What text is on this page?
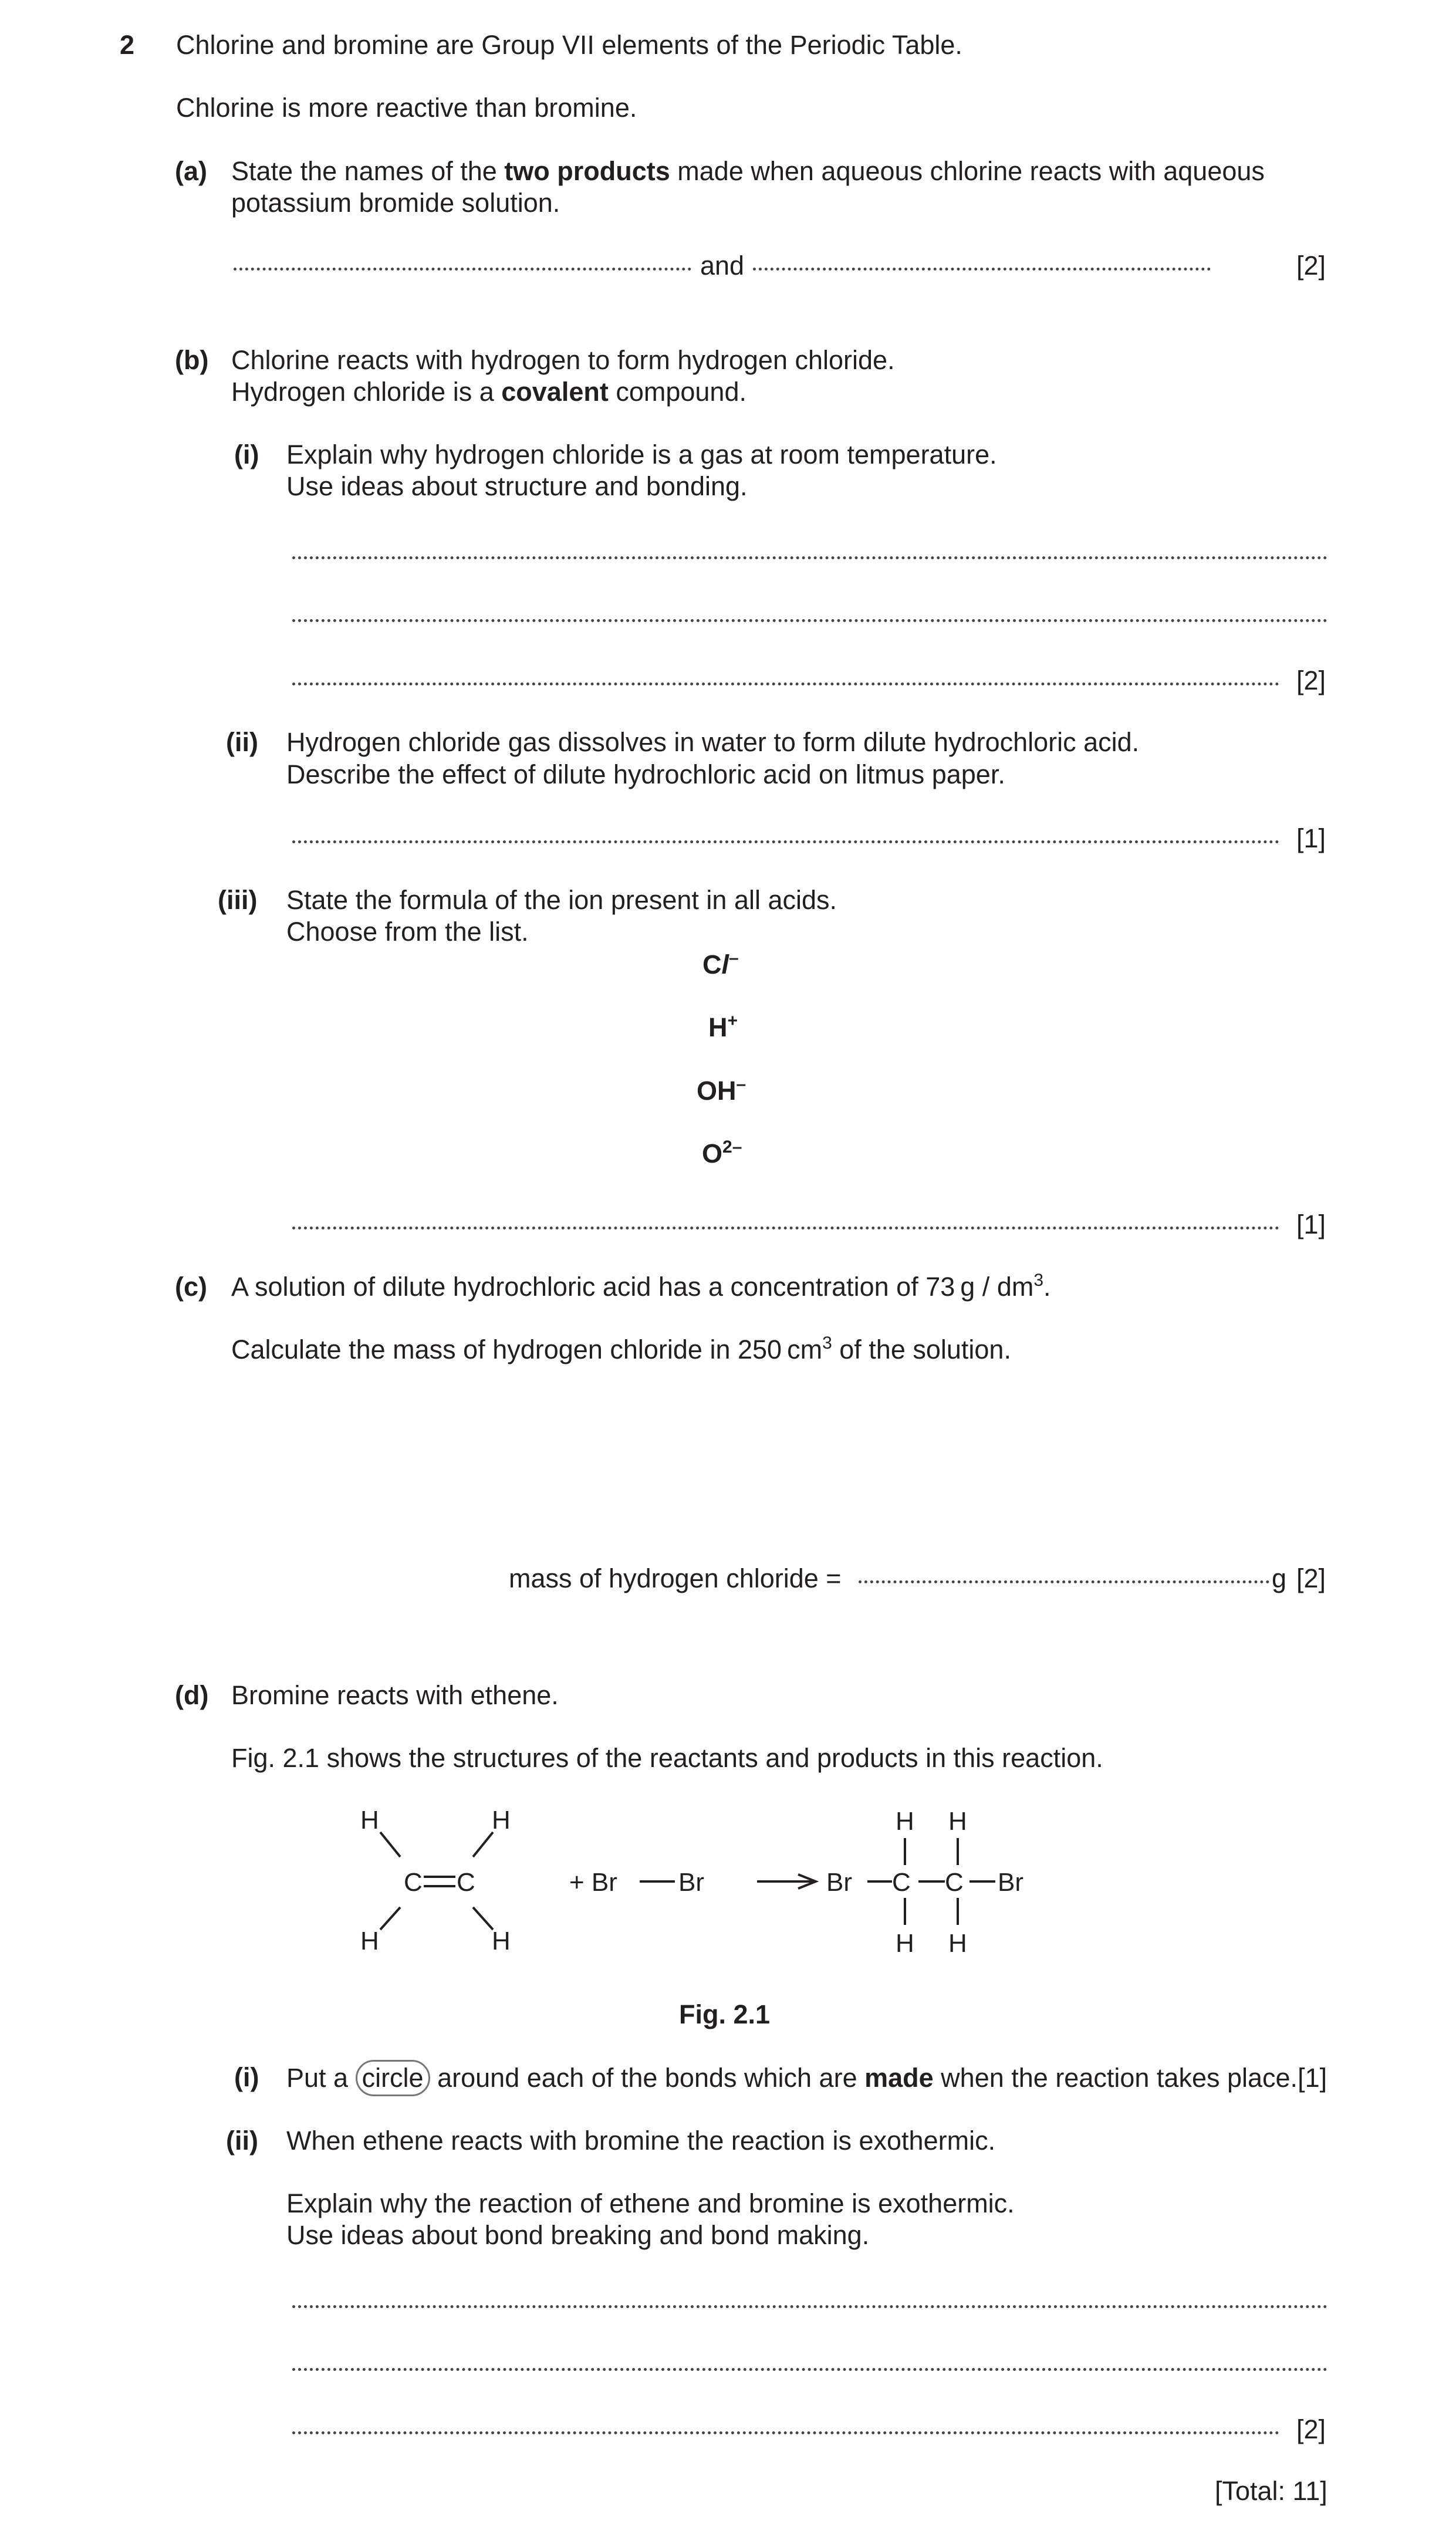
2 Chlorine and bromine are Group VII elements of the Periodic Table.
Chlorine is more reactive than bromine.
(a) State the names of the two products made when aqueous chlorine reacts with aqueous
potassium bromide solution.
and	[2]
(b) Chlorine reacts with hydrogen to form hydrogen chloride.
Hydrogen chloride is a covalent compound.
(i) Explain why hydrogen chloride is a gas at room temperature.
Use ideas about structure and bonding.
[2]
(ii) Hydrogen chloride gas dissolves in water to form dilute hydrochloric acid.
Describe the effect of dilute hydrochloric acid on litmus paper.
[1]
(iii) State the formula of the ion present in all acids.
Choose from the list.
Cl–
H+
OH–
$O^{2-}$
[1]
(c) A solution of dilute hydrochloric acid has a concentration of 73  g / $dm^3$.
Calculate the mass of hydrogen chloride in 250  $cm^3$ of the solution.
mass of hydrogen chloride =	g [2]
(d) Bromine reacts with ethene.
Fig. 2.1 shows the structures of the reactants and products in this reaction.
H	H
H	H
C C	+ Br Br	Br C C Br
H H
H H
Fig. 2.1
(i) Put a circle around each of the bonds which are made when the reaction takes place.[1]
(ii) When ethene reacts with bromine the reaction is exothermic.
Explain why the reaction of ethene and bromine is exothermic.
Use ideas about bond breaking and bond making.
[2]
[Total: 11]
